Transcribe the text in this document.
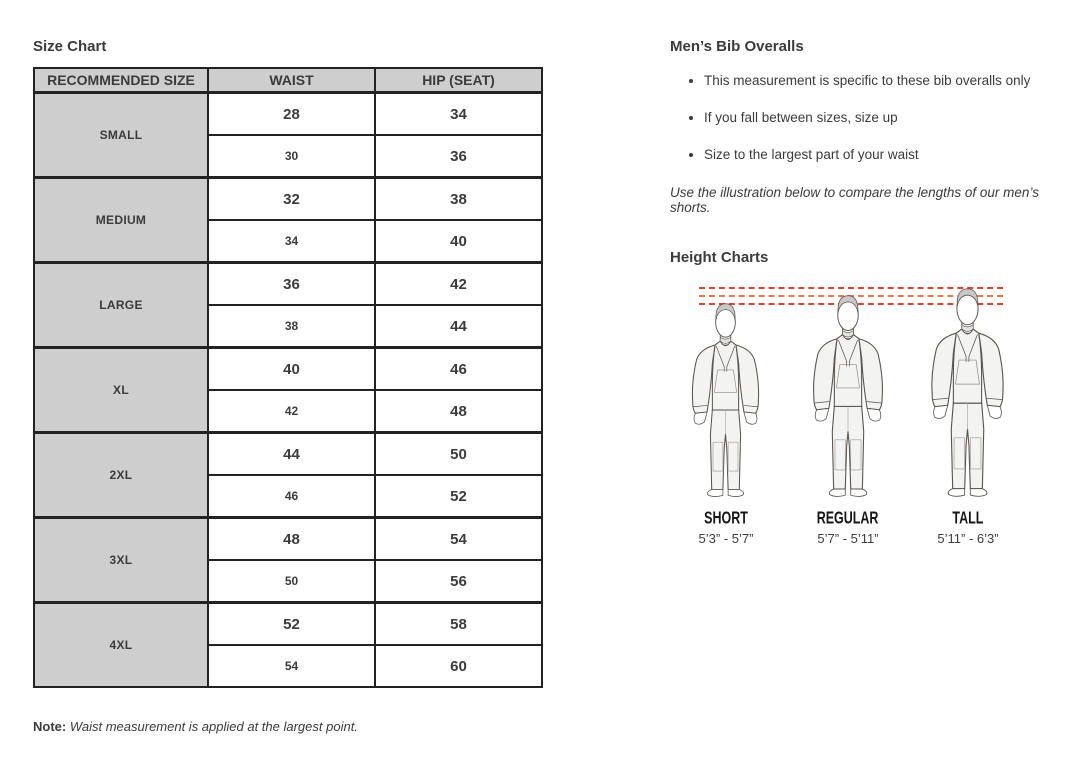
Size Chart
RECOMMENDED SIZE	WAIST	HIP (SEAT)
SMALL	28	34
	30	36
MEDIUM	32	38
	34	40
LARGE	36	42
	38	44
XL	40	46
	42	48
2XL	44	50
	46	52
3XL	48	54
	50	56
4XL	52	58
	54	60
Note: Waist measurement is applied at the largest point.
Men’s Bib Overalls
• This measurement is specific to these bib overalls only
• If you fall between sizes, size up
• Size to the largest part of your waist
Use the illustration below to compare the lengths of our men’s shorts.
Height Charts
SHORT
5’3” - 5’7”
REGULAR
5’7” - 5’11”
TALL
5’11” - 6’3”
